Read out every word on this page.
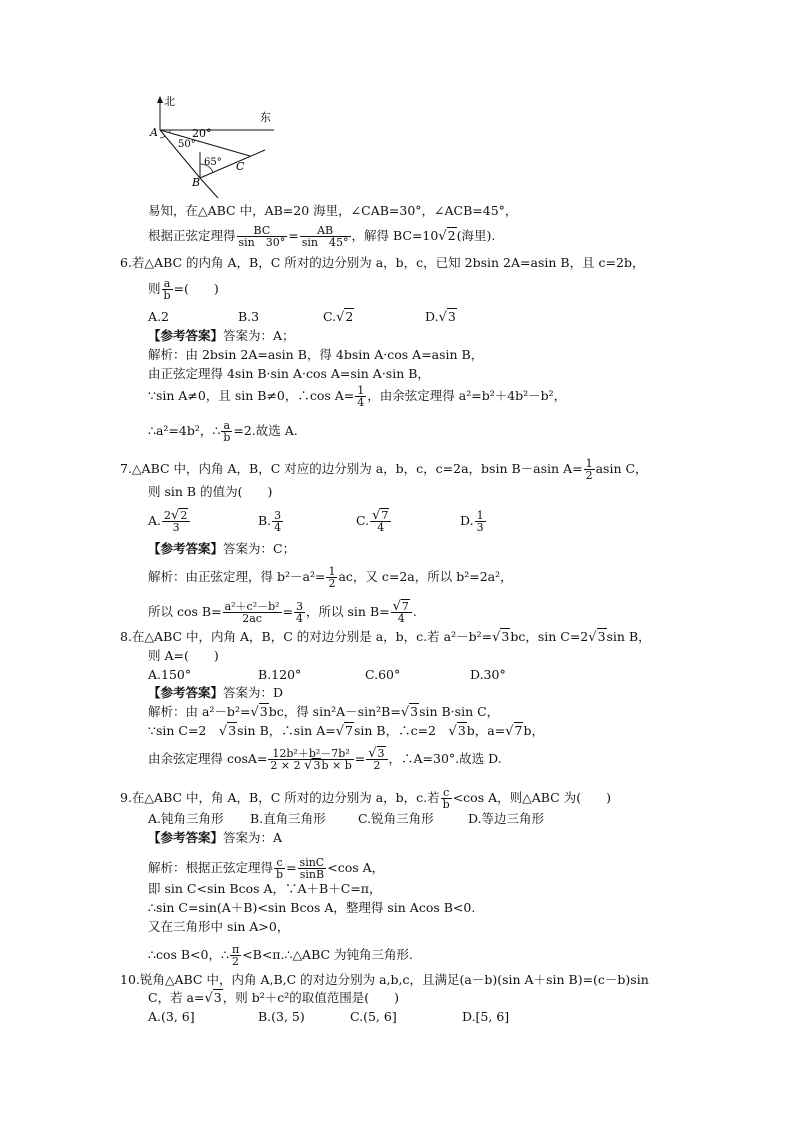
北
东
A	20°
50°
65° C
B
易知，在△ABC 中，AB=20 海里，∠CAB=30°，∠ACB=45°，
根据正弦定理得 $\frac{BC}{\sin 30^\circ} = \frac{AB}{\sin 45^\circ}$ ，解得 BC=10√2(海里).
6.若△ABC 的内角 A，B，C 所对的边分别为 a，b，c，已知 2bsin 2A=asin B，且 c=2b，
则 $\frac{a}{b}$ =(　　)
A.2	B.3	C.√2	D.√3
【参考答案】答案为：A；
解析：由 2bsin 2A=asin B，得 4bsin A·cos A=asin B，
由正弦定理得 4sin B·sin A·cos A=sin A·sin B，
∵sin A≠0，且 sin B≠0，∴cos $A= \frac{1}{4}$ ，由余弦定理得 a²=b²＋4b²－b²，
∴a²=4b²，∴ $\frac{a}{b} =2$.故选 A.
7.△ABC 中，内角 A，B，C 对应的边分别为 a，b，c，c=2a，bsin B－asin $A= \frac{1}{2}$ asin C，
则 sin B 的值为(　　)
A. $\frac{2√2}{3}$	B. $\frac{3}{4}$	C. $\frac{√7}{4}$	D. $\frac{1}{3}$
【参考答案】答案为：C；
解析：由正弦定理，得 $b^2-a^2= \frac{1}{2}$ ac，又 c=2a，所以 b²=2a²，
所以 $\cos B= \frac{\text{a²＋c²－b²}}{2ac} = \frac{3}{4}$ ，所以 $\sin B= \frac{√7}{4}$ .
8.在△ABC 中，内角 A，B，C 的对边分别是 a，b，c.若 a²－b²=√3bc，sin C=2√3sin B，
则 A=(　　)
A.150°	B.120°	C.60°	D.30°
【参考答案】答案为：D
解析：由 a²－b²=√3bc，得 sin²A－sin²B=√3sin B·sin C，
∵sin C=2　√3sin B，∴sin A=√7sin B，∴c=2　√3b，a=√7b，
由余弦定理得 $\cos A= \frac{\text{12b²＋b²－7b²}}{2 \times 2 √3b \times b} = \frac{√3}{2}$ ，∴A=30°.故选 D.
9.在△ABC 中，角 A，B，C 所对的边分别为 a，b，c.若 $\frac{c}{b} <\cos$ A，则△ABC 为(　　)
A.钝角三角形 B.直角三角形	C.锐角三角形	D.等边三角形
【参考答案】答案为：A
解析：根据正弦定理得 $\frac{c}{b} = \frac{\sin C}{\sin B} <\cos$ A，
即 sin C<sin Bcos A，∵A＋B＋C=π，
∴sin C=sin(A＋B)<sin Bcos A，整理得 sin Acos B<0.
又在三角形中 sin A>0，
∴cos B<0，∴ $\frac{\pi}{2}$ <B<π.∴△ABC 为钝角三角形.
10.锐角△ABC 中，内角 A,B,C 的对边分别为 a,b,c，且满足(a－b)(sin A＋sin B)=(c－b)sin
C，若 a=√3，则 b²＋c²的取值范围是(　　)
A.(3, 6]	B.(3, 5)	C.(5, 6]	D.[5, 6]
